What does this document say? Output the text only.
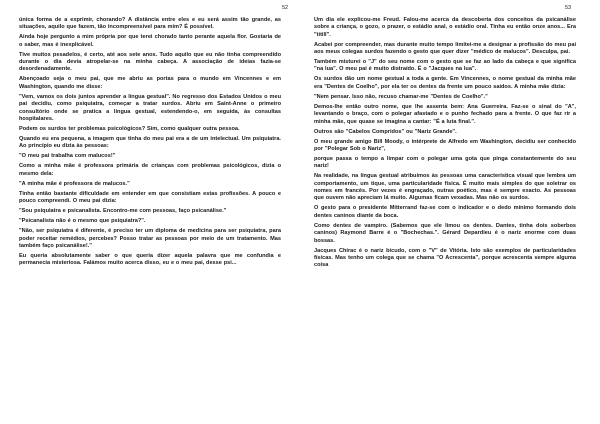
52

única forma de a exprimir, chorando? A distância entre eles e eu será assim tão grande, as situações, aquilo que fazem, tão incompreensível para mim? É possível.

Ainda hoje pergunto a mim própria por que terei chorado tanto perante aquela flor. Gostaria de o saber, mas é inexplicável.

Tive muitos pesadelos, é certo, até aos sete anos. Tudo aquilo que eu não tinha compreendido durante o dia devia atropelar-se na minha cabeça. A associação de ideias fazia-se desordenadamente.

Abençoado seja o meu pai, que me abriu as portas para o mundo em Vincennes e em Washington, quando me disse:

"Vem, vamos os dois juntos aprender a língua gestual". No regresso dos Estados Unidos o meu pai decidiu, como psiquiatra, começar a tratar surdos. Abriu em Saint-Anne o primeiro consultório onde se pratica a língua gestual, estendendo-o, em seguida, às consultas hospitalares.

Podem os surdos ter problemas psicológicos? Sim, como qualquer outra pessoa.

Quando eu era pequena, a imagem que tinha do meu pai era a de um intelectual. Um psiquiatra. Ao princípio eu dizia às pessoas:

"O meu pai trabalha com malucos!"

Como a minha mãe é professora primária de crianças com problemas psicológicos, dizia o mesmo dela:

"A minha mãe é professora de malucos."

Tinha então bastante dificuldade em entender em que consistiam estas profissões. A pouco e pouco compreendi. O meu pai dizia:

"Sou psiquiatra e psicanalista. Encontro-me com pessoas, faço psicanálise."

"Psicanalista não é o mesmo que psiquiatra?".

"Não, ser psiquiatra é diferente, é preciso ter um diploma de medicina para ser psiquiatra, para poder receitar remédios, percebes? Posso tratar as pessoas por meio de um tratamento. Mas também faço psicanálise!."

Eu queria absolutamente saber o que queria dizer aquela palavra que me confundia e permanecia misteriosa. Falámos muito acerca disso, eu e o meu pai, desse psi...

53

Um dia ele explicou-me Freud. Falou-me acerca da descoberta dos conceitos da psicanálise sobre a criança, o gozo, o prazer, o estádio anal, o estádio oral. Tinha eu então onze anos... Era "titill".

Acabei por compreender, mas durante muito tempo limitei-me a designar a profissão do meu pai aos meus colegas surdos fazendo o gesto que quer dizer "médico de malucos". Desculpa, pai.

Também misturei o "J" do seu nome com o gesto que se faz ao lado da cabeça e que significa "na lua". O meu pai é muito distraído. É o "Jacques na lua".

Os surdos dão um nome gestual a toda a gente. Em Vincennes, o nome gestual da minha mãe era "Dentes de Coelho", por ela ter os dentes da frente um pouco saídos. A minha mãe dizia:

"Nem pensar. Isso não, recuso chamar-me "Dentes de Coelho"."

Demos-lhe então outro nome, que lhe assenta bem: Ana Guerreira. Faz-se o sinal do "A", levantando o braço, com o polegar afastado e o punho fechado para a frente. O que faz rir a minha mãe, que quase se imagina a cantar: "É a luta final.".

Outros são "Cabelos Compridos" ou "Nariz Grande".

O meu grande amigo Bill Moody, o intérprete de Alfredo em Washington, decidiu ser conhecido por "Polegar Sob o Nariz",

porque passa o tempo a limpar com o polegar uma gota que pinga constantemente do seu nariz!

Na realidade, na língua gestual atribuímos às pessoas uma característica visual que lembra um comportamento, um tique, uma particularidade física. É muito mais simples do que soletrar os nomes em francês. Por vezes é engraçado, outras poético, mas é sempre exacto. As pessoas que ouvem não apreciam lá muito. Algumas ficam vexadas. Mas não os surdos.

O gesto para o presidente Mitterrand faz-se com o indicador e o dedo mínimo formando dois dentes caninos diante da boca.

Como dentes de vampiro. (Sabemos que ele limou os dentes. Dantes, tinha dois soberbos caninos) Raymond Barre é o "Bochechas.". Gérard Depardieu é o nariz enorme com duas bossas.

Jacques Chirac é o nariz bicudo, com o "V" de Vitória. Isto são exemplos de particularidades físicas. Mas tenho um colega que se chama "O Acrescenta", porque acrescenta sempre alguma coisa
